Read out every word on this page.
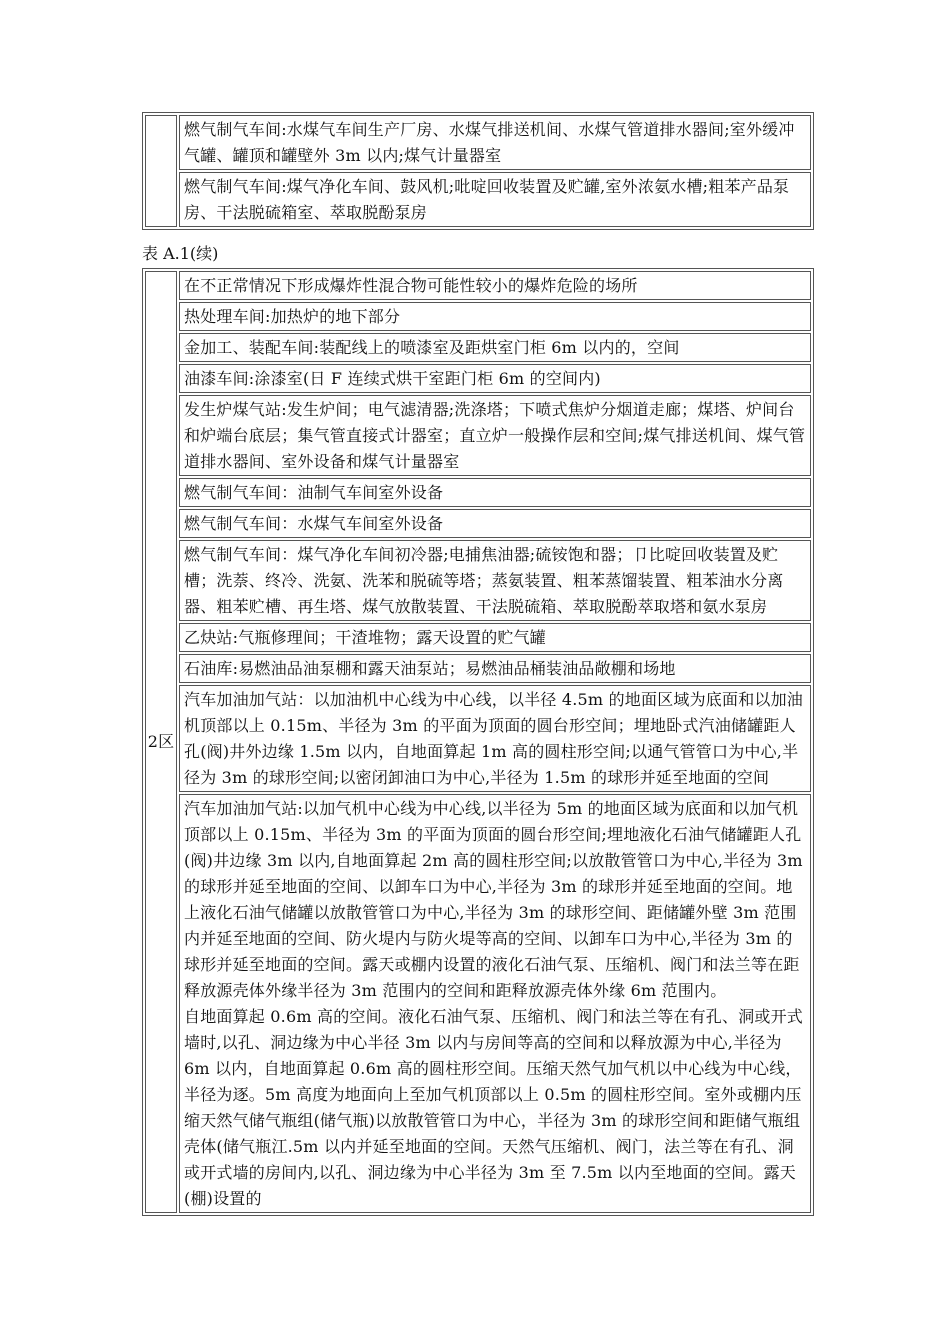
	燃气制气车间:水煤气车间生产厂房、水煤气排送机间、水煤气管道排水器间;室外缓冲气罐、罐顶和罐壁外 3m 以内;煤气计量器室
燃气制气车间:煤气净化车间、鼓风机;吡啶回收装置及贮罐,室外浓氨水槽;粗苯产品泵房、干法脱硫箱室、萃取脱酚泵房
表 A.1(续)
2区	在不正常情况下形成爆炸性混合物可能性较小的爆炸危险的场所
热处理车间:加热炉的地下部分
金加工、装配车间:装配线上的喷漆室及距烘室门柜 6m 以内的，空间
油漆车间:涂漆室(日 F 连续式烘干室距门柜 6m 的空间内)
发生炉煤气站:发生炉间；电气滤清器;洗涤塔；下喷式焦炉分烟道走廊；煤塔、炉间台和炉端台底层；集气管直接式计器室；直立炉一般操作层和空间;煤气排送机间、煤气管道排水器间、室外设备和煤气计量器室
燃气制气车间：油制气车间室外设备
燃气制气车间：水煤气车间室外设备
燃气制气车间：煤气净化车间初冷器;电捕焦油器;硫铵饱和器；卩比啶回收装置及贮槽；洗萘、终冷、洗氨、洗苯和脱硫等塔；蒸氨装置、粗苯蒸馏装置、粗苯油水分离器、粗苯贮槽、再生塔、煤气放散装置、干法脱硫箱、萃取脱酚萃取塔和氨水泵房
乙炔站:气瓶修理间；干渣堆物；露天设置的贮气罐
石油库:易燃油品油泵棚和露天油泵站；易燃油品桶装油品敞棚和场地
汽车加油加气站：以加油机中心线为中心线，以半径 4.5m 的地面区域为底面和以加油机顶部以上 0.15m、半径为 3m 的平面为顶面的圆台形空间；埋地卧式汽油储罐距人孔(阀)井外边缘 1.5m 以内，自地面算起 1m 高的圆柱形空间;以通气管管口为中心,半径为 3m 的球形空间;以密闭卸油口为中心,半径为 1.5m 的球形并延至地面的空间

汽车加油加气站:以加气机中心线为中心线,以半径为 5m 的地面区域为底面和以加气机顶部以上 0.15m、半径为 3m 的平面为顶面的圆台形空间;埋地液化石油气储罐距人孔(阀)井边缘 3m 以内,自地面算起 2m 高的圆柱形空间;以放散管管口为中心,半径为 3m 的球形并延至地面的空间、以卸车口为中心,半径为 3m 的球形并延至地面的空间。地上液化石油气储罐以放散管管口为中心,半径为 3m 的球形空间、距储罐外壁 3m 范围内并延至地面的空间、防火堤内与防火堤等高的空间、以卸车口为中心,半径为 3m 的球形并延至地面的空间。露天或棚内设置的液化石油气泵、压缩机、阀门和法兰等在距释放源壳体外缘半径为 3m 范围内的空间和距释放源壳体外缘 6m 范围内。
自地面算起 0.6m 高的空间。液化石油气泵、压缩机、阀门和法兰等在有孔、洞或开式墙时,以孔、洞边缘为中心半径 3m 以内与房间等高的空间和以释放源为中心,半径为 6m 以内，自地面算起 0.6m 高的圆柱形空间。压缩天然气加气机以中心线为中心线，半径为逐。5m 高度为地面向上至加气机顶部以上 0.5m 的圆柱形空间。室外或棚内压缩天然气储气瓶组(储气瓶)以放散管管口为中心，半径为 3m 的球形空间和距储气瓶组壳体(储气瓶江.5m 以内并延至地面的空间。天然气压缩机、阀门，法兰等在有孔、洞或开式墙的房间内,以孔、洞边缘为中心半径为 3m 至 7.5m 以内至地面的空间。露天(棚)设置的
